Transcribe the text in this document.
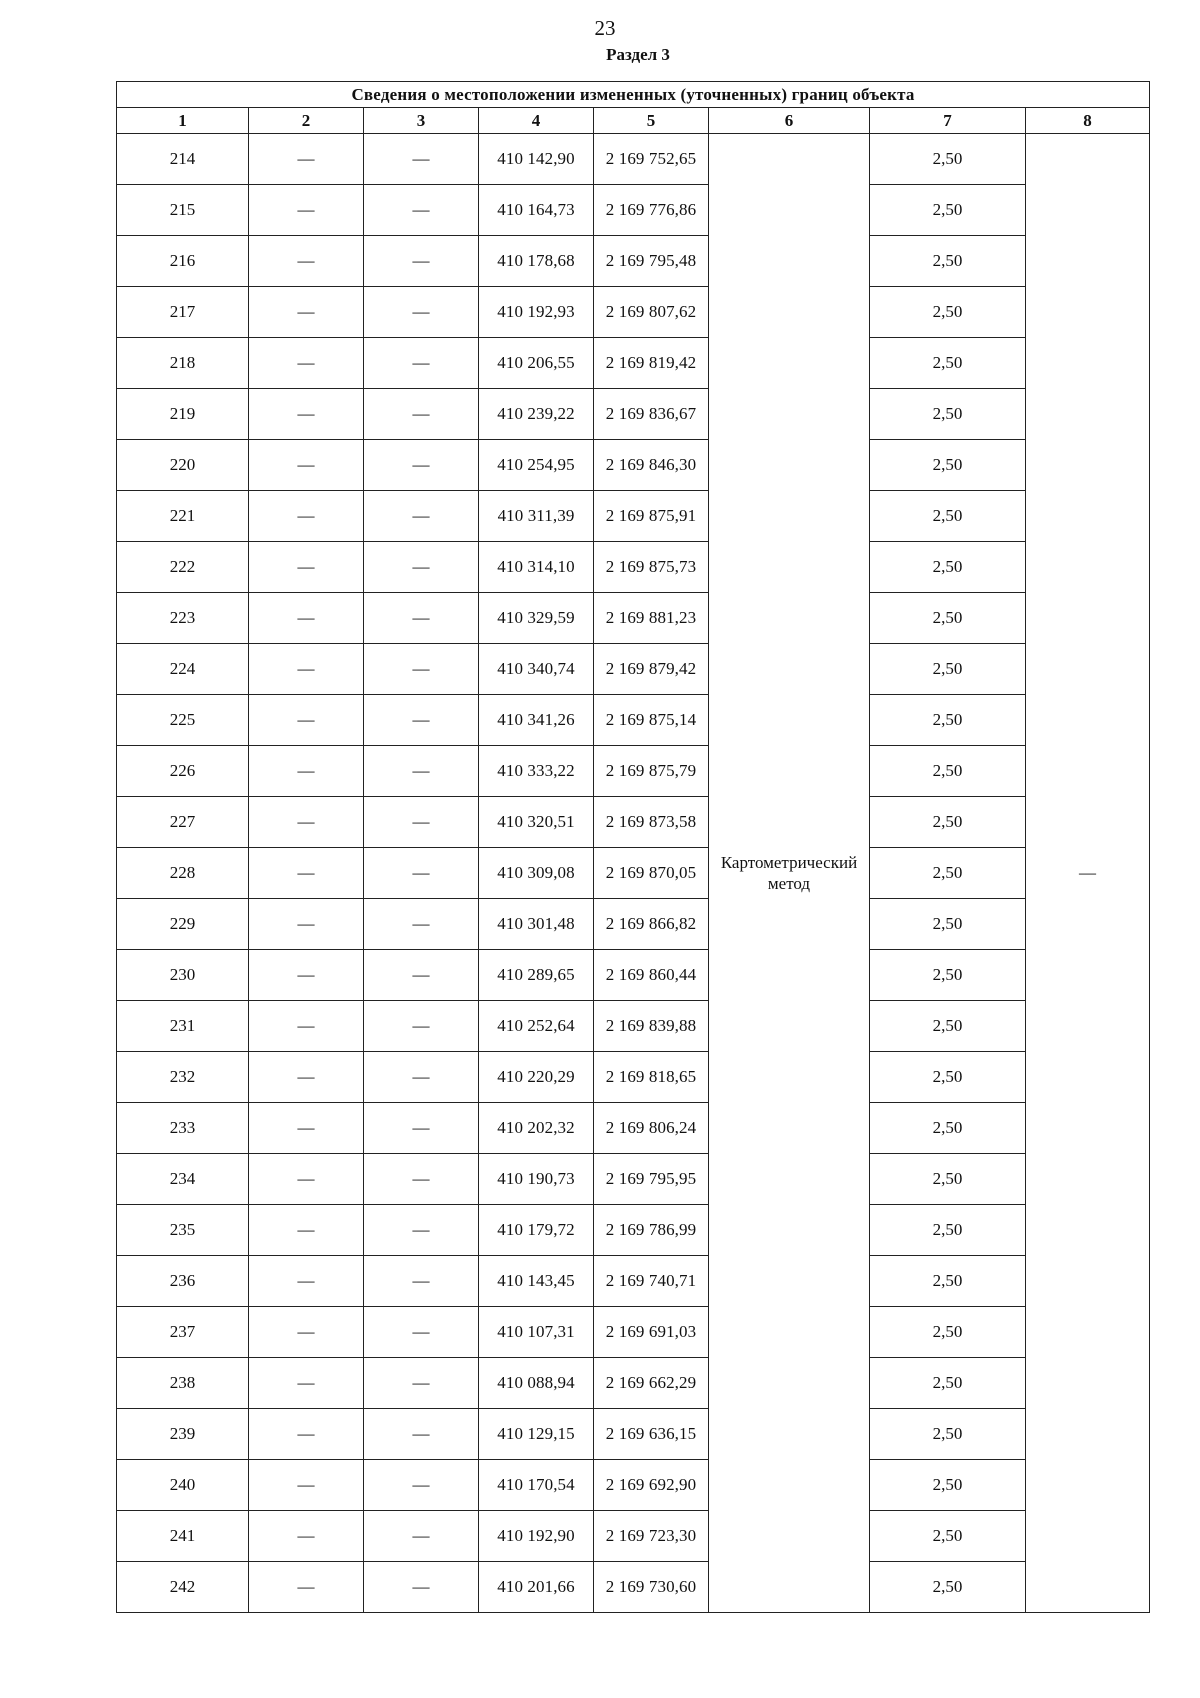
23
Раздел 3
Сведения о местоположении измененных (уточненных) границ объекта							
1	2	3	4	5	6	7	8
214	—	—	410 142,90	2 169 752,65	Картометрический метод	2,50	—
215	—	—	410 164,73	2 169 776,86		2,50	
216	—	—	410 178,68	2 169 795,48		2,50	
217	—	—	410 192,93	2 169 807,62		2,50	
218	—	—	410 206,55	2 169 819,42		2,50	
219	—	—	410 239,22	2 169 836,67		2,50	
220	—	—	410 254,95	2 169 846,30		2,50	
221	—	—	410 311,39	2 169 875,91		2,50	
222	—	—	410 314,10	2 169 875,73		2,50	
223	—	—	410 329,59	2 169 881,23		2,50	
224	—	—	410 340,74	2 169 879,42		2,50	
225	—	—	410 341,26	2 169 875,14		2,50	
226	—	—	410 333,22	2 169 875,79		2,50	
227	—	—	410 320,51	2 169 873,58		2,50	
228	—	—	410 309,08	2 169 870,05		2,50	
229	—	—	410 301,48	2 169 866,82		2,50	
230	—	—	410 289,65	2 169 860,44		2,50	
231	—	—	410 252,64	2 169 839,88		2,50	
232	—	—	410 220,29	2 169 818,65		2,50	
233	—	—	410 202,32	2 169 806,24		2,50	
234	—	—	410 190,73	2 169 795,95		2,50	
235	—	—	410 179,72	2 169 786,99		2,50	
236	—	—	410 143,45	2 169 740,71		2,50	
237	—	—	410 107,31	2 169 691,03		2,50	
238	—	—	410 088,94	2 169 662,29		2,50	
239	—	—	410 129,15	2 169 636,15		2,50	
240	—	—	410 170,54	2 169 692,90		2,50	
241	—	—	410 192,90	2 169 723,30		2,50	
242	—	—	410 201,66	2 169 730,60		2,50	
